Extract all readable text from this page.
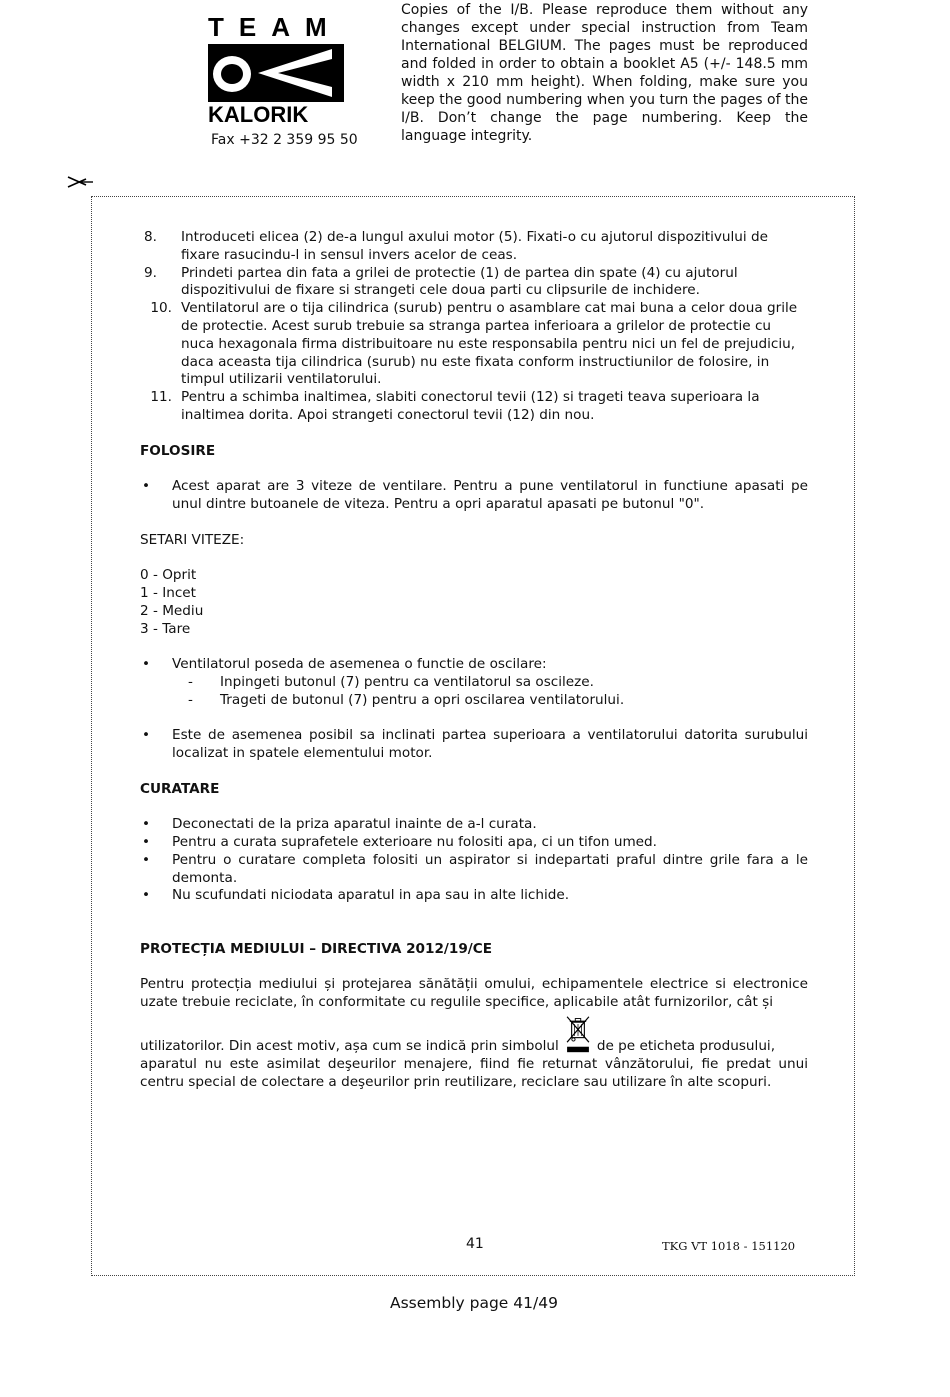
TEAM
KALORIK
Fax +32 2 359 95 50
Copies of the I/B. Please reproduce them without any changes except under special instruction from Team International BELGIUM. The pages must be reproduced and folded in order to obtain a booklet A5 (+/- 148.5 mm width x 210 mm height). When folding, make sure you keep the good numbering when you turn the pages of the I/B. Don’t change the page numbering. Keep the language integrity.
8. Introduceti elicea (2) de-a lungul axului motor (5). Fixati-o cu ajutorul dispozitivului de fixare rasucindu-l in sensul invers acelor de ceas.
9. Prindeti partea din fata a grilei de protectie (1) de partea din spate (4) cu ajutorul dispozitivului de fixare si strangeti cele doua parti cu clipsurile de inchidere.
10. Ventilatorul are o tija cilindrica (surub) pentru o asamblare cat mai buna a celor doua grile de protectie. Acest surub trebuie sa stranga partea inferioara a grilelor de protectie cu nuca hexagonala firma distribuitoare nu este responsabila pentru nici un fel de prejudiciu, daca aceasta tija cilindrica (surub) nu este fixata conform instructiunilor de folosire, in timpul utilizarii ventilatorului.
11. Pentru a schimba inaltimea, slabiti conectorul tevii (12) si trageti teava superioara la inaltimea dorita. Apoi strangeti conectorul tevii (12) din nou.
FOLOSIRE
• Acest aparat are 3 viteze de ventilare. Pentru a pune ventilatorul in functiune apasati pe unul dintre butoanele de viteza. Pentru a opri aparatul apasati pe butonul "0".
SETARI VITEZE:
0 - Oprit
1 - Incet
2 - Mediu
3 - Tare
• Ventilatorul poseda de asemenea o functie de oscilare:
- Inpingeti butonul (7) pentru ca ventilatorul sa oscileze.
- Trageti de butonul (7) pentru a opri oscilarea ventilatorului.
• Este de asemenea posibil sa inclinati partea superioara a ventilatorului datorita surubului localizat in spatele elementului motor.
CURATARE
• Deconectati de la priza aparatul inainte de a-l curata.
• Pentru a curata suprafetele exterioare nu folositi apa, ci un tifon umed.
• Pentru o curatare completa folositi un aspirator si indepartati praful dintre grile fara a le demonta.
• Nu scufundati niciodata aparatul in apa sau in alte lichide.
PROTECȚIA MEDIULUI – DIRECTIVA 2012/19/CE
Pentru protecția mediului și protejarea sănătății omului, echipamentele electrice si electronice uzate trebuie reciclate, în conformitate cu regulile specifice, aplicabile atât furnizorilor, cât și
utilizatorilor. Din acest motiv, așa cum se indică prin simbolul	de pe eticheta produsului,
aparatul nu este asimilat deşeurilor menajere, fiind fie returnat vânzătorului, fie predat unui centru special de colectare a deşeurilor prin reutilizare, reciclare sau utilizare în alte scopuri.
41	TKG VT 1018 - 151120
Assembly page 41/49
